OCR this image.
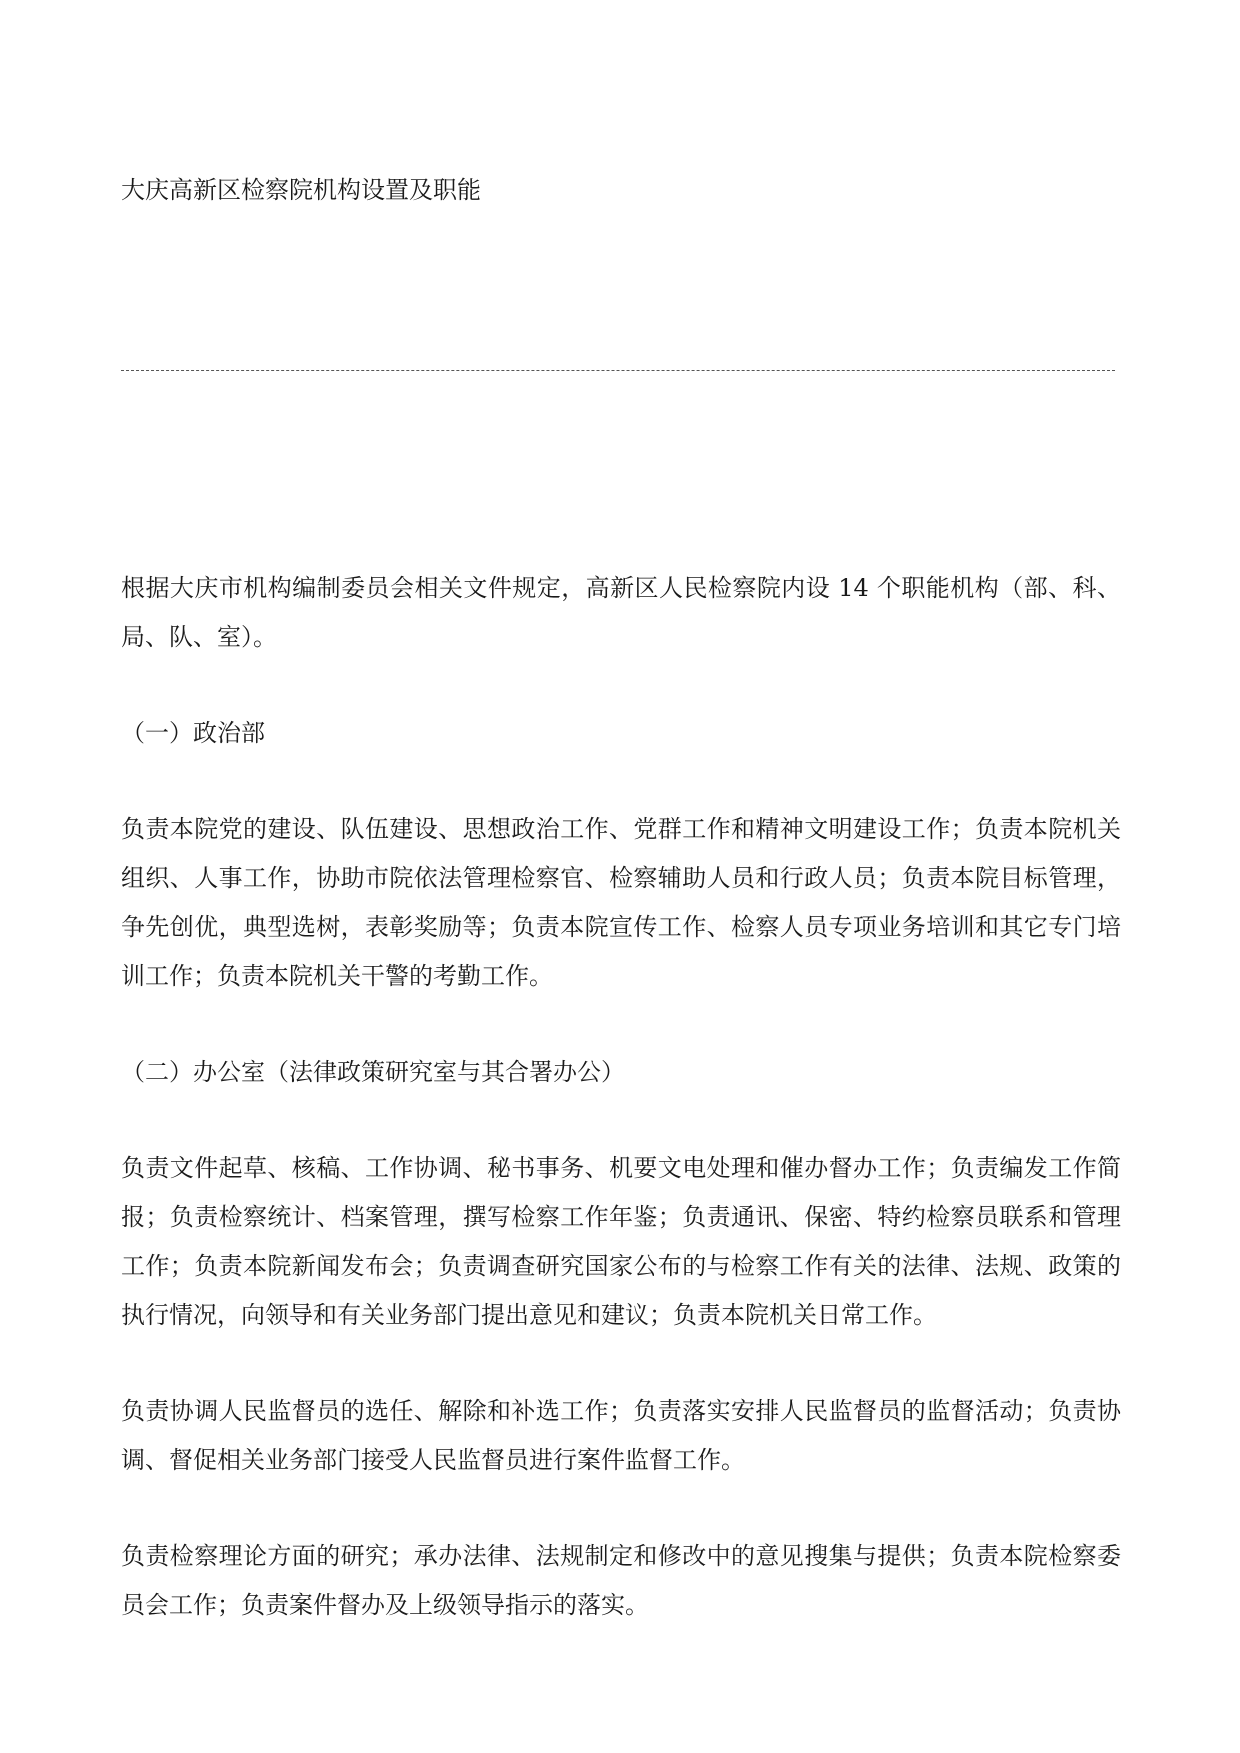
大庆高新区检察院机构设置及职能

根据大庆市机构编制委员会相关文件规定，高新区人民检察院内设 14 个职能机构（部、科、局、队、室）。

（一）政治部

负责本院党的建设、队伍建设、思想政治工作、党群工作和精神文明建设工作；负责本院机关组织、人事工作，协助市院依法管理检察官、检察辅助人员和行政人员；负责本院目标管理，争先创优，典型选树，表彰奖励等；负责本院宣传工作、检察人员专项业务培训和其它专门培训工作；负责本院机关干警的考勤工作。

（二）办公室（法律政策研究室与其合署办公）

负责文件起草、核稿、工作协调、秘书事务、机要文电处理和催办督办工作；负责编发工作简报；负责检察统计、档案管理，撰写检察工作年鉴；负责通讯、保密、特约检察员联系和管理工作；负责本院新闻发布会；负责调查研究国家公布的与检察工作有关的法律、法规、政策的执行情况，向领导和有关业务部门提出意见和建议；负责本院机关日常工作。

负责协调人民监督员的选任、解除和补选工作；负责落实安排人民监督员的监督活动；负责协调、督促相关业务部门接受人民监督员进行案件监督工作。

负责检察理论方面的研究；承办法律、法规制定和修改中的意见搜集与提供；负责本院检察委员会工作；负责案件督办及上级领导指示的落实。
